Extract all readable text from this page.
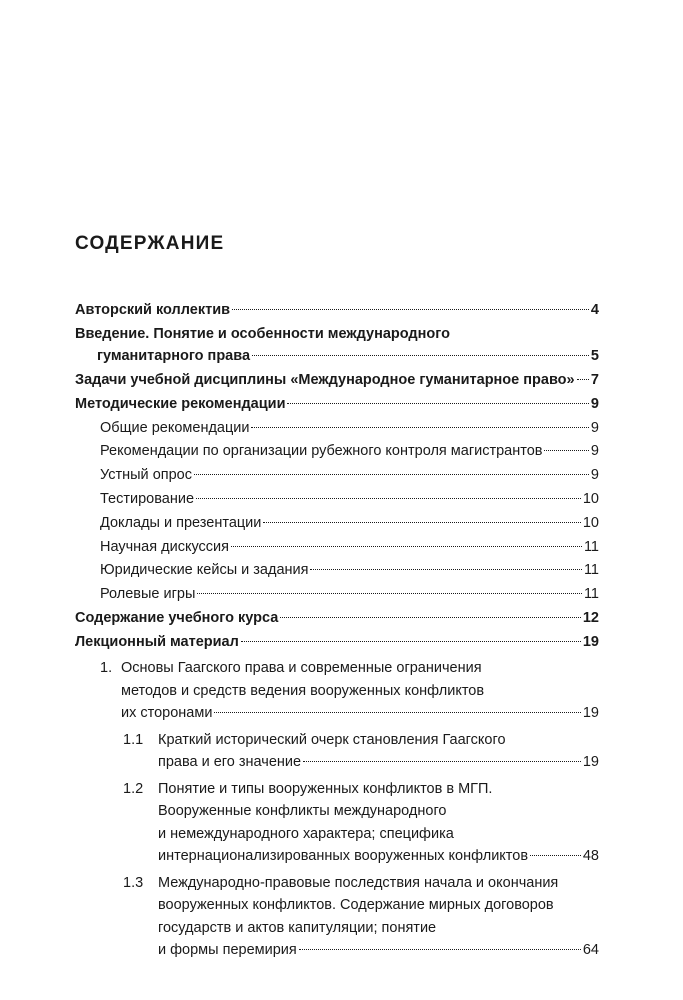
СОДЕРЖАНИЕ
Авторский коллектив	4
Введение. Понятие и особенности международного
гуманитарного права	5
Задачи учебной дисциплины «Международное гуманитарное право» 7
Методические рекомендации	9
Общие рекомендации	9
Рекомендации по организации рубежного контроля магистрантов	9
Устный опрос	9
Тестирование	10
Доклады и презентации	10
Научная дискуссия	11
Юридические кейсы и задания	11
Ролевые игры	11
Содержание учебного курса	12
Лекционный материал	19
1. Основы Гаагского права и современные ограничения
методов и средств ведения вооруженных конфликтов
их сторонами	19
1.1	Краткий исторический очерк становления Гаагского
права и его значение	19
1.2	Понятие и типы вооруженных конфликтов в МГП.
Вооруженные конфликты международного
и немеждународного характера; специфика
интернационализированных вооруженных конфликтов	48
1.3	Международно-правовые последствия начала и окончания
вооруженных конфликтов. Содержание мирных договоров
государств и актов капитуляции; понятие
и формы перемирия	64
